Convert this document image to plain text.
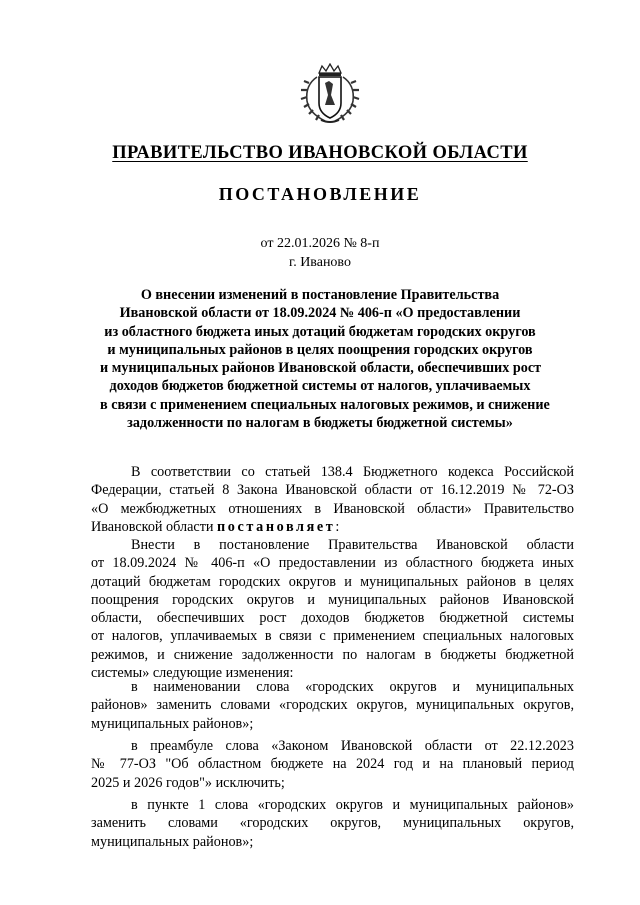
ПРАВИТЕЛЬСТВО ИВАНОВСКОЙ ОБЛАСТИ
ПОСТАНОВЛЕНИЕ
от 22.01.2026 № 8-п
г. Иваново
О внесении изменений в постановление Правительства
Ивановской области от 18.09.2024 № 406-п «О предоставлении
из областного бюджета иных дотаций бюджетам городских округов
и муниципальных районов в целях поощрения городских округов
и муниципальных районов Ивановской области, обеспечивших рост
доходов бюджетов бюджетной системы от налогов, уплачиваемых
в связи с применением специальных налоговых режимов, и снижение
задолженности по налогам в бюджеты бюджетной системы»
В соответствии со статьей 138.4 Бюджетного кодекса Российской
Федерации, статьей 8 Закона Ивановской области от 16.12.2019 № 72-ОЗ
«О межбюджетных отношениях в Ивановской области» Правительство
Ивановской области постановляет:
Внести в постановление Правительства Ивановской области
от 18.09.2024 № 406-п «О предоставлении из областного бюджета иных
дотаций бюджетам городских округов и муниципальных районов в целях
поощрения городских округов и муниципальных районов Ивановской
области, обеспечивших рост доходов бюджетов бюджетной системы
от налогов, уплачиваемых в связи с применением специальных налоговых
режимов, и снижение задолженности по налогам в бюджеты бюджетной
системы» следующие изменения:
в наименовании слова «городских округов и муниципальных
районов» заменить словами «городских округов, муниципальных округов,
муниципальных районов»;
в преамбуле слова «Законом Ивановской области от 22.12.2023
№ 77-ОЗ "Об областном бюджете на 2024 год и на плановый период
2025 и 2026 годов"» исключить;
в пункте 1 слова «городских округов и муниципальных районов»
заменить словами «городских округов, муниципальных округов,
муниципальных районов»;
